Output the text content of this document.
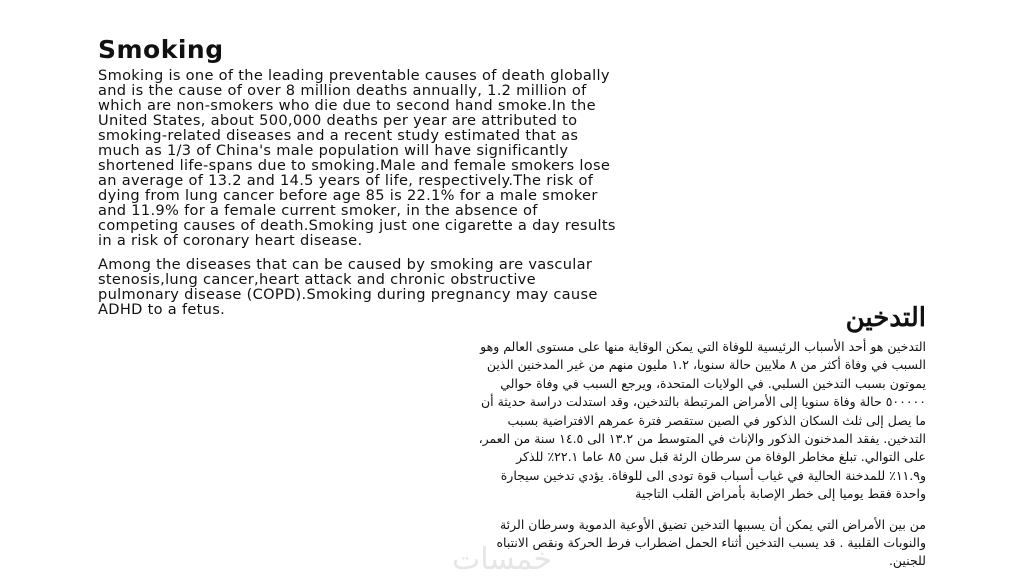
Smoking

Smoking is one of the leading preventable causes of death globally
and is the cause of over 8 million deaths annually, 1.2 million of
which are non-smokers who die due to second hand smoke.In the
United States, about 500,000 deaths per year are attributed to
smoking-related diseases and a recent study estimated that as
much as 1/3 of China's male population will have significantly
shortened life-spans due to smoking.Male and female smokers lose
an average of 13.2 and 14.5 years of life, respectively.The risk of
dying from lung cancer before age 85 is 22.1% for a male smoker
and 11.9% for a female current smoker, in the absence of
competing causes of death.Smoking just one cigarette a day results
in a risk of coronary heart disease.

Among the diseases that can be caused by smoking are vascular
stenosis,lung cancer,heart attack and chronic obstructive
pulmonary disease (COPD).Smoking during pregnancy may cause
ADHD to a fetus.	التدخين

التدخين هو أحد الأسباب الرئيسية للوفاة التي يمكن الوقاية منها على مستوى العالم وهو
السبب في وفاة أكثر من ٨ ملايين حالة سنويا، ١.٢ مليون منهم من غير المدخنين الذين
يموتون بسبب التدخين السلبي. في الولايات المتحدة، ويرجع السبب في وفاة حوالي
٥٠٠٠٠٠ حالة وفاة سنويا إلى الأمراض المرتبطة بالتدخين، وقد استدلت دراسة حديثة أن
ما يصل إلى ثلث السكان الذكور في الصين ستقصر فترة عمرهم الافتراضية بسبب
التدخين. يفقد المدخنون الذكور والإناث في المتوسط من ١٣.٢ الى ١٤.٥ سنة من العمر،
على التوالي. تبلغ مخاطر الوفاة من سرطان الرئة قبل سن ٨٥ عاما ٢٢.١٪ للذكر
و١١.٩٪ للمدخنة الحالية في غياب أسباب قوة تودى الى للوفاة. يؤدي تدخين سيجارة
واحدة فقط يوميا إلى خطر الإصابة بأمراض القلب التاجية

من بين الأمراض التي يمكن أن يسببها التدخين تضيق الأوعية الدموية وسرطان الرئة
والنوبات القلبية . قد يسبب التدخين أثناء الحمل اضطراب فرط الحركة ونقص الانتباه
للجنين.

خمسات
